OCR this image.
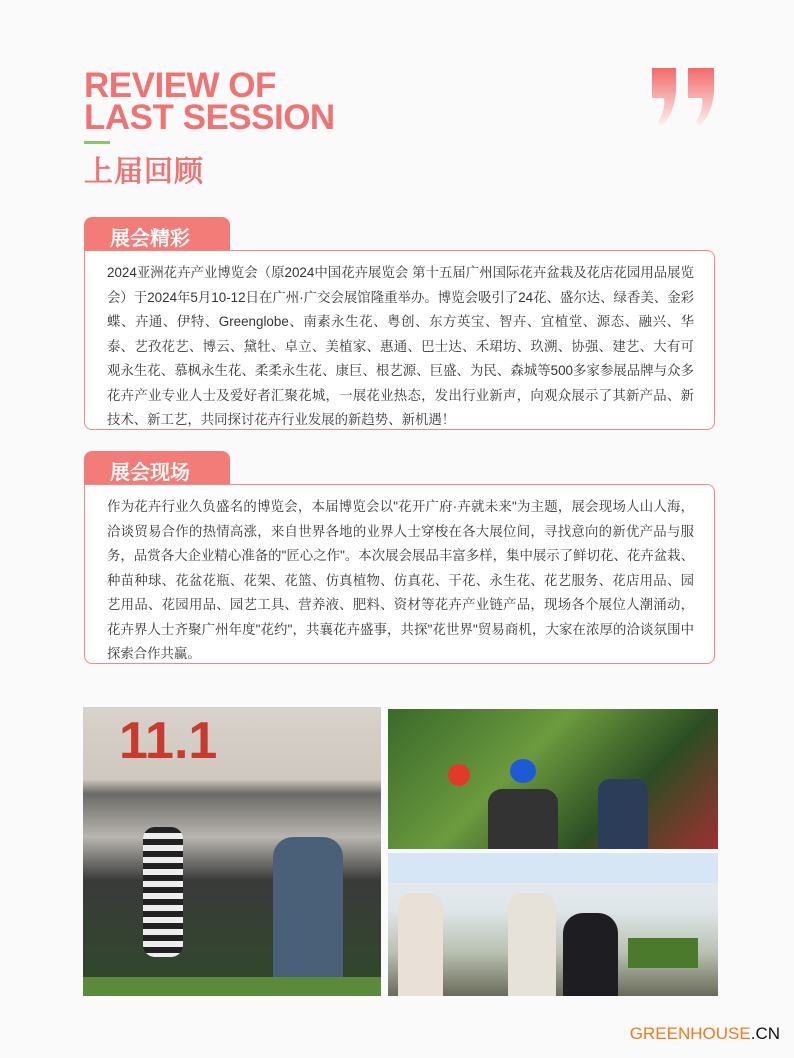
REVIEW OF
LAST SESSION
上届回顾
展会精彩

2024亚洲花卉产业博览会（原2024中国花卉展览会 第十五届广州国际花卉盆栽及花店花园用品展览会）于2024年5月10-12日在广州·广交会展馆隆重举办。博览会吸引了24花、盛尔达、绿香美、金彩蝶、卉通、伊特、Greenglobe、南素永生花、粤创、东方英宝、智卉、宜植堂、源态、融兴、华泰、艺孜花艺、博云、黛牡、卓立、美植家、惠通、巴士达、禾珺坊、玖溯、协强、建艺、大有可观永生花、慕枫永生花、柔柔永生花、康巨、根艺源、巨盛、为民、森城等500多家参展品牌与众多花卉产业专业人士及爱好者汇聚花城，一展花业热态，发出行业新声，向观众展示了其新产品、新技术、新工艺，共同探讨花卉行业发展的新趋势、新机遇！

展会现场

作为花卉行业久负盛名的博览会，本届博览会以"花开广府·卉就未来"为主题，展会现场人山人海，洽谈贸易合作的热情高涨，来自世界各地的业界人士穿梭在各大展位间，寻找意向的新优产品与服务，品赏各大企业精心准备的"匠心之作"。本次展会展品丰富多样，集中展示了鲜切花、花卉盆栽、种苗种球、花盆花瓶、花架、花篮、仿真植物、仿真花、干花、永生花、花艺服务、花店用品、园艺用品、花园用品、园艺工具、营养液、肥料、资材等花卉产业链产品，现场各个展位人潮涌动，花卉界人士齐聚广州年度"花约"，共襄花卉盛事，共探"花世界"贸易商机，大家在浓厚的洽谈氛围中探索合作共赢。

11.1
GREENHOUSE.CN
